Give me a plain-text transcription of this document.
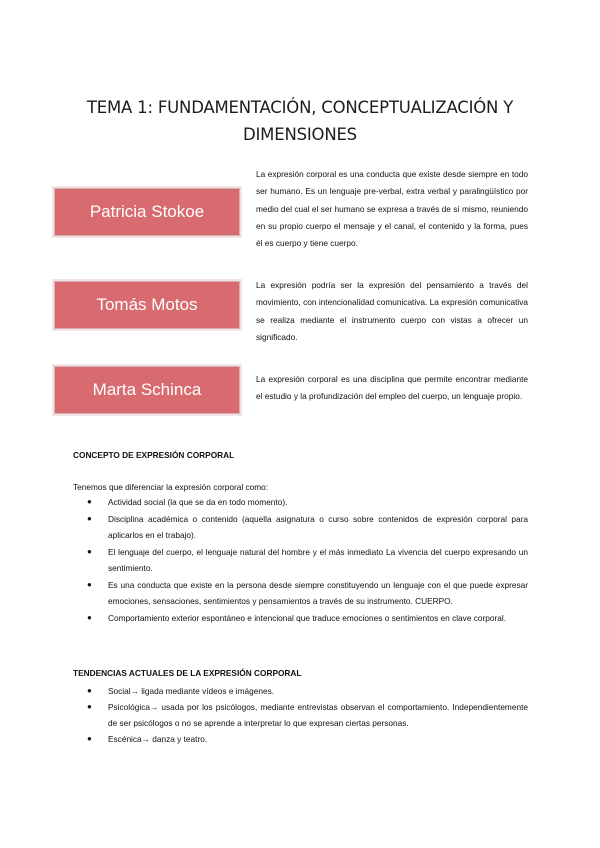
TEMA 1: FUNDAMENTACIÓN, CONCEPTUALIZACIÓN Y
DIMENSIONES
Patricia Stokoe
La expresión corporal es una conducta que existe desde siempre en todo ser humano. Es un lenguaje pre-verbal, extra verbal y paralingüístico por medio del cual el ser humano se expresa a través de sí mismo, reuniendo en su propio cuerpo el mensaje y el canal, el contenido y la forma, pues él es cuerpo y tiene cuerpo.
Tomás Motos
La expresión podría ser la expresión del pensamiento a través del movimiento, con intencionalidad comunicativa. La expresión comunicativa se realiza mediante el instrumento cuerpo con vistas a ofrecer un significado.
Marta Schinca
La expresión corporal es una disciplina que permite encontrar mediante el estudio y la profundización del empleo del cuerpo, un lenguaje propio.
CONCEPTO DE EXPRESIÓN CORPORAL
Tenemos que diferenciar la expresión corporal como:
● Actividad social (la que se da en todo momento).
● Disciplina académica o contenido (aquella asignatura o curso sobre contenidos de expresión corporal para aplicarlos en el trabajo).
● El lenguaje del cuerpo, el lenguaje natural del hombre y el más inmediato La vivencia del cuerpo expresando un sentimiento.
● Es una conducta que existe en la persona desde siempre constituyendo un lenguaje con el que puede expresar emociones, sensaciones, sentimientos y pensamientos a través de su instrumento. CUERPO.
● Comportamiento exterior espontáneo e intencional que traduce emociones o sentimientos en clave corporal.
TENDENCIAS ACTUALES DE LA EXPRESIÓN CORPORAL
● Social→ ligada mediante vídeos e imágenes.
● Psicológica→ usada por los psicólogos, mediante entrevistas observan el comportamiento. Independientemente de ser psicólogos o no se aprende a interpretar lo que expresan ciertas personas.
● Escénica→ danza y teatro.
